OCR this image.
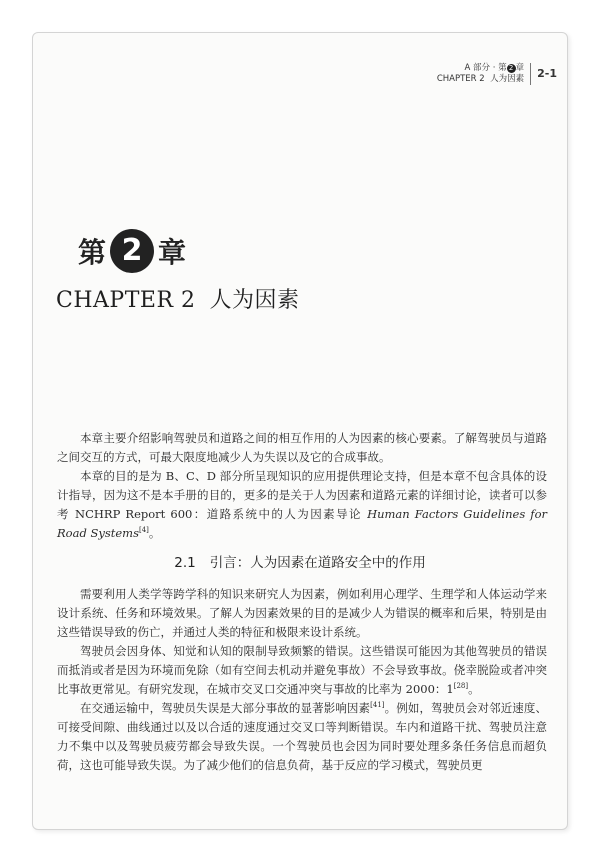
A 部分 · 第 2 章
CHAPTER 2 人为因素 2-1
第 2 章
CHAPTER 2 人为因素

本章主要介绍影响驾驶员和道路之间的相互作用的人为因素的核心要素。了解驾驶员与道路之间交互的方式，可最大限度地减少人为失误以及它的合成事故。

本章的目的是为 B、C、D 部分所呈现知识的应用提供理论支持，但是本章不包含具体的设计指导，因为这不是本手册的目的，更多的是关于人为因素和道路元素的详细讨论，读者可以参考 NCHRP Report 600：道路系统中的人为因素导论 Human Factors Guidelines for Road Systems[4]。

2.1 引言：人为因素在道路安全中的作用

需要利用人类学等跨学科的知识来研究人为因素，例如利用心理学、生理学和人体运动学来设计系统、任务和环境效果。了解人为因素效果的目的是减少人为错误的概率和后果，特别是由这些错误导致的伤亡，并通过人类的特征和极限来设计系统。

驾驶员会因身体、知觉和认知的限制导致频繁的错误。这些错误可能因为其他驾驶员的错误而抵消或者是因为环境而免除（如有空间去机动并避免事故）不会导致事故。侥幸脱险或者冲突比事故更常见。有研究发现，在城市交叉口交通冲突与事故的比率为 2000：1[28]。

在交通运输中，驾驶员失误是大部分事故的显著影响因素[41]。例如，驾驶员会对邻近速度、可接受间隙、曲线通过以及以合适的速度通过交叉口等判断错误。车内和道路干扰、驾驶员注意力不集中以及驾驶员疲劳都会导致失误。一个驾驶员也会因为同时要处理多条任务信息而超负荷，这也可能导致失误。为了减少他们的信息负荷，基于反应的学习模式，驾驶员更
